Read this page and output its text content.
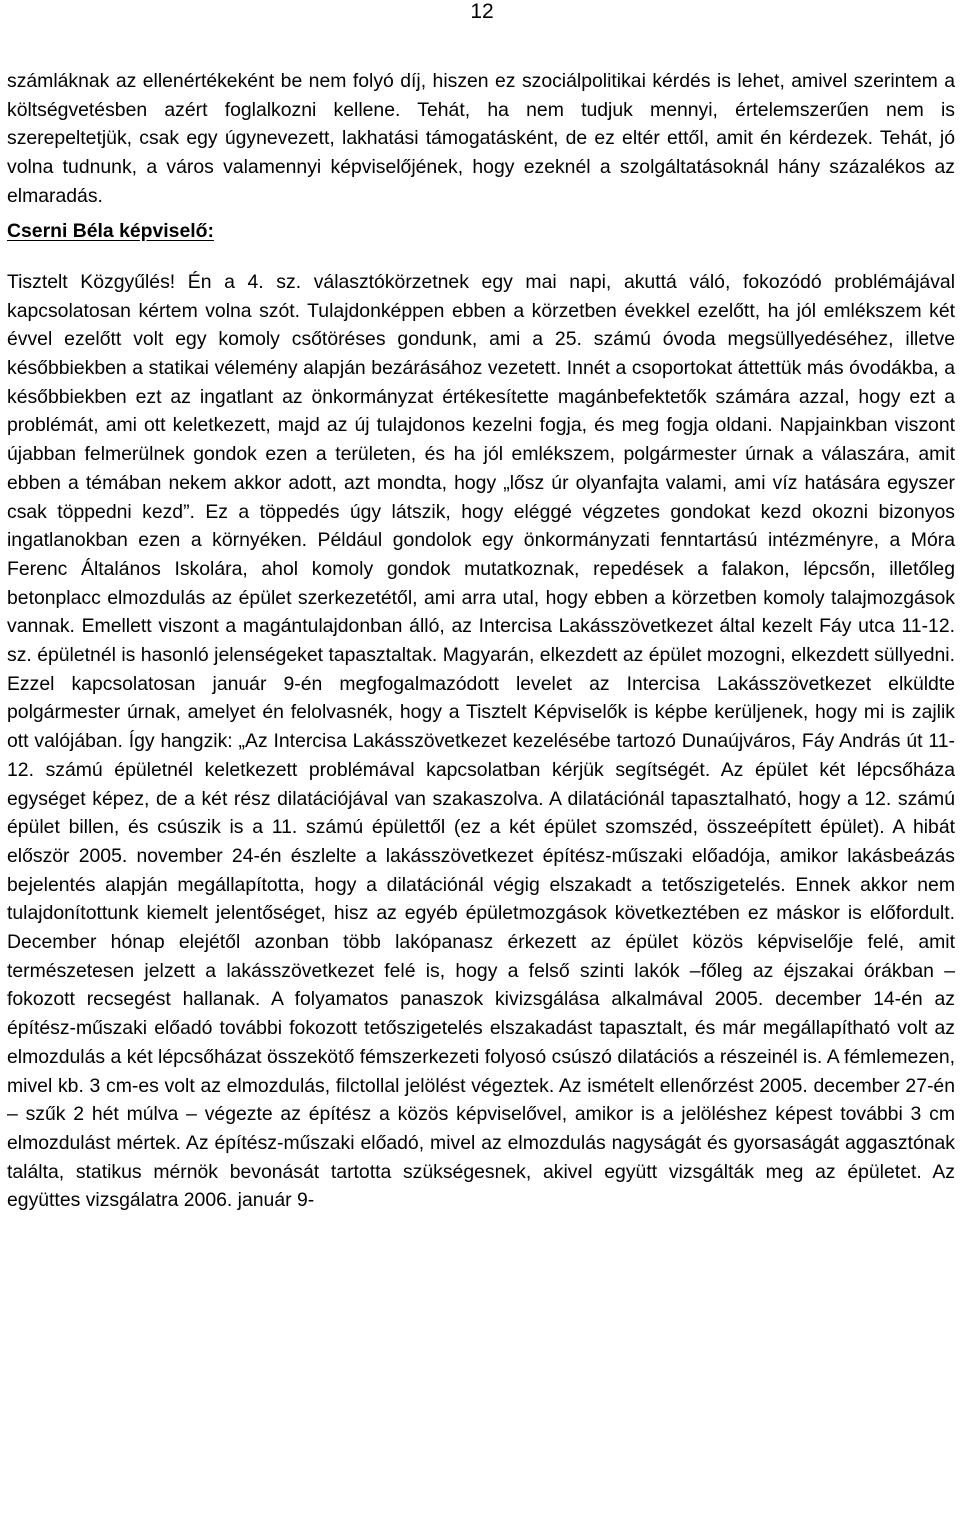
12

számláknak az ellenértékeként be nem folyó díj, hiszen ez szociálpolitikai kérdés is lehet, amivel szerintem a költségvetésben azért foglalkozni kellene. Tehát, ha nem tudjuk mennyi, értelemszerűen nem is szerepeltetjük, csak egy úgynevezett, lakhatási támogatásként, de ez eltér ettől, amit én kérdezek. Tehát, jó volna tudnunk, a város valamennyi képviselőjének, hogy ezeknél a szolgáltatásoknál hány százalékos az elmaradás.

Cserni Béla képviselő:

Tisztelt Közgyűlés! Én a 4. sz. választókörzetnek egy mai napi, akuttá váló, fokozódó problémájával kapcsolatosan kértem volna szót. Tulajdonképpen ebben a körzetben évekkel ezelőtt, ha jól emlékszem két évvel ezelőtt volt egy komoly csőtöréses gondunk, ami a 25. számú óvoda megsüllyedéséhez, illetve későbbiekben a statikai vélemény alapján bezárásához vezetett. Innét a csoportokat áttettük más óvodákba, a későbbiekben ezt az ingatlant az önkormányzat értékesítette magánbefektetők számára azzal, hogy ezt a problémát, ami ott keletkezett, majd az új tulajdonos kezelni fogja, és meg fogja oldani. Napjainkban viszont újabban felmerülnek gondok ezen a területen, és ha jól emlékszem, polgármester úrnak a válaszára, amit ebben a témában nekem akkor adott, azt mondta, hogy „lősz úr olyanfajta valami, ami víz hatására egyszer csak töppedni kezd”. Ez a töppedés úgy látszik, hogy eléggé végzetes gondokat kezd okozni bizonyos ingatlanokban ezen a környéken. Például gondolok egy önkormányzati fenntartású intézményre, a Móra Ferenc Általános Iskolára, ahol komoly gondok mutatkoznak, repedések a falakon, lépcsőn, illetőleg betonplacc elmozdulás az épület szerkezetétől, ami arra utal, hogy ebben a körzetben komoly talajmozgások vannak. Emellett viszont a magántulajdonban álló, az Intercisa Lakásszövetkezet által kezelt Fáy utca 11-12. sz. épületnél is hasonló jelenségeket tapasztaltak. Magyarán, elkezdett az épület mozogni, elkezdett süllyedni. Ezzel kapcsolatosan január 9-én megfogalmazódott levelet az Intercisa Lakásszövetkezet elküldte polgármester úrnak, amelyet én felolvasnék, hogy a Tisztelt Képviselők is képbe kerüljenek, hogy mi is zajlik ott valójában. Így hangzik: „Az Intercisa Lakásszövetkezet kezelésébe tartozó Dunaújváros, Fáy András út 11-12. számú épületnél keletkezett problémával kapcsolatban kérjük segítségét. Az épület két lépcsőháza egységet képez, de a két rész dilatációjával van szakaszolva. A dilatációnál tapasztalható, hogy a 12. számú épület billen, és csúszik is a 11. számú épülettől (ez a két épület szomszéd, összeépített épület). A hibát először 2005. november 24-én észlelte a lakásszövetkezet építész-műszaki előadója, amikor lakásbeázás bejelentés alapján megállapította, hogy a dilatációnál végig elszakadt a tetőszigetelés. Ennek akkor nem tulajdonítottunk kiemelt jelentőséget, hisz az egyéb épületmozgások következtében ez máskor is előfordult. December hónap elejétől azonban több lakópanasz érkezett az épület közös képviselője felé, amit természetesen jelzett a lakásszövetkezet felé is, hogy a felső szinti lakók –főleg az éjszakai órákban – fokozott recsegést hallanak. A folyamatos panaszok kivizsgálása alkalmával 2005. december 14-én az építész-műszaki előadó további fokozott tetőszigetelés elszakadást tapasztalt, és már megállapítható volt az elmozdulás a két lépcsőházat összekötő fémszerkezeti folyosó csúszó dilatációs a részeinél is. A fémlemezen, mivel kb. 3 cm-es volt az elmozdulás, filctollal jelölést végeztek. Az ismételt ellenőrzést 2005. december 27-én – szűk 2 hét múlva – végezte az építész a közös képviselővel, amikor is a jelöléshez képest további 3 cm elmozdulást mértek. Az építész-műszaki előadó, mivel az elmozdulás nagyságát és gyorsaságát aggasztónak találta, statikus mérnök bevonását tartotta szükségesnek, akivel együtt vizsgálták meg az épületet. Az együttes vizsgálatra 2006. január 9-
